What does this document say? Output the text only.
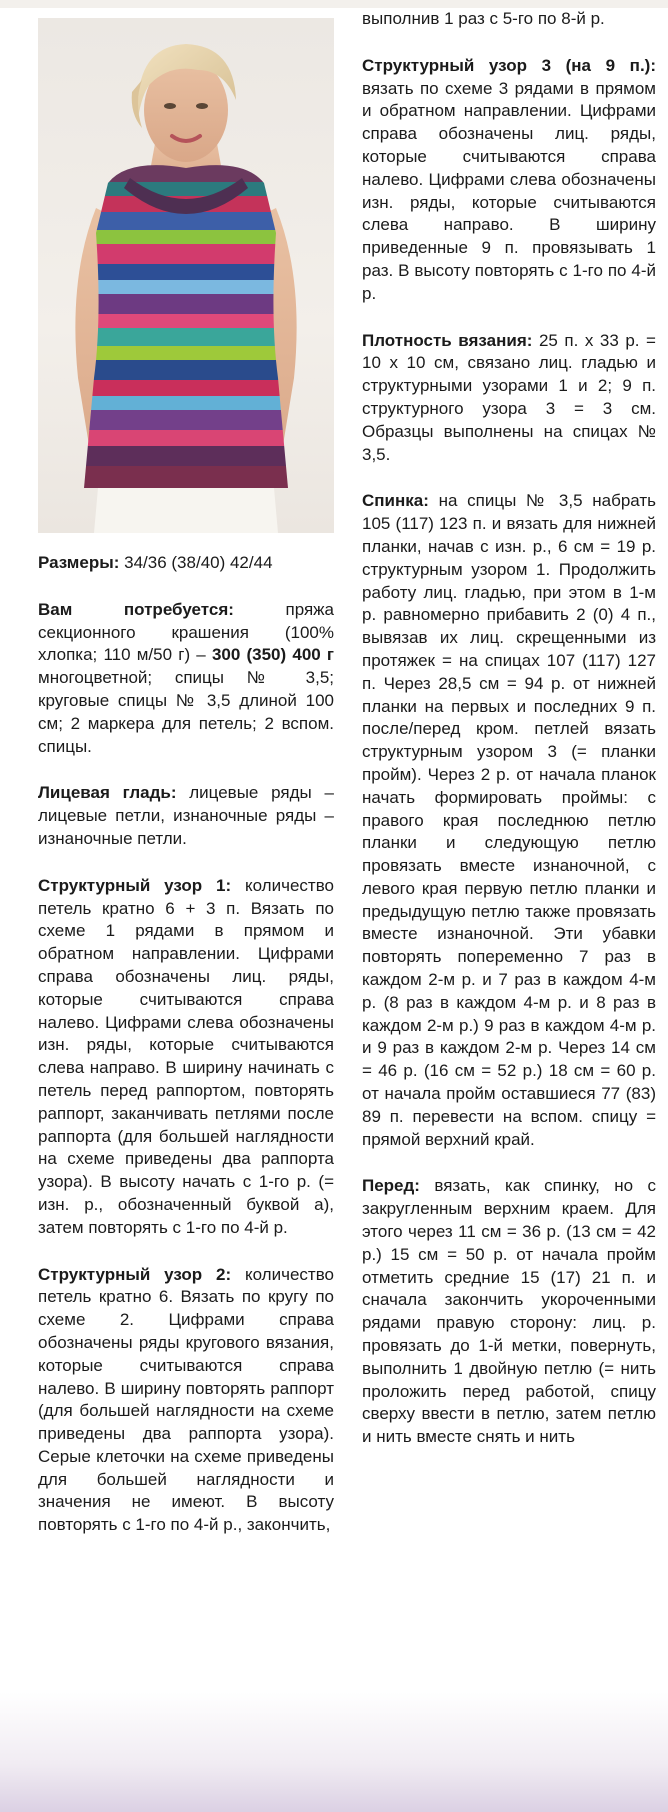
Размеры: 34/36 (38/40) 42/44

Вам потребуется: пряжа секционного крашения (100% хлопка; 110 м/50 г) – 300 (350) 400 г многоцветной; спицы № 3,5; круговые спицы № 3,5 длиной 100 см; 2 маркера для петель; 2 вспом. спицы.

Лицевая гладь: лицевые ряды – лицевые петли, изнаночные ряды – изнаночные петли.

Структурный узор 1: количество петель кратно 6 + 3 п. Вязать по схеме 1 рядами в прямом и обратном направлении. Цифрами справа обозначены лиц. ряды, которые считываются справа налево. Цифрами слева обозначены изн. ряды, которые считываются слева направо. В ширину начинать с петель перед раппортом, повторять раппорт, заканчивать петлями после раппорта (для большей наглядности на схеме приведены два раппорта узора). В высоту начать с 1-го р. (= изн. р., обозначенный буквой а), затем повторять с 1-го по 4-й р.

Структурный узор 2: количество петель кратно 6. Вязать по кругу по схеме 2. Цифрами справа обозначены ряды кругового вязания, которые считываются справа налево. В ширину повторять раппорт (для большей наглядности на схеме приведены два раппорта узора). Серые клеточки на схеме приведены для большей наглядности и значения не имеют. В высоту повторять с 1-го по 4-й р., закончить,

выполнив 1 раз с 5-го по 8-й р.

Структурный узор 3 (на 9 п.): вязать по схеме 3 рядами в прямом и обратном направлении. Цифрами справа обозначены лиц. ряды, которые считываются справа налево. Цифрами слева обозначены изн. ряды, которые считываются слева направо. В ширину приведенные 9 п. провязывать 1 раз. В высоту повторять с 1-го по 4-й р.

Плотность вязания: 25 п. х 33 р. = 10 х 10 см, связано лиц. гладью и структурными узорами 1 и 2; 9 п. структурного узора 3 = 3 см. Образцы выполнены на спицах № 3,5.

Спинка: на спицы № 3,5 набрать 105 (117) 123 п. и вязать для нижней планки, начав с изн. р., 6 см = 19 р. структурным узором 1. Продолжить работу лиц. гладью, при этом в 1-м р. равномерно прибавить 2 (0) 4 п., вывязав их лиц. скрещенными из протяжек = на спицах 107 (117) 127 п. Через 28,5 см = 94 р. от нижней планки на первых и последних 9 п. после/перед кром. петлей вязать структурным узором 3 (= планки пройм). Через 2 р. от начала планок начать формировать проймы: с правого края последнюю петлю планки и следующую петлю провязать вместе изнаночной, с левого края первую петлю планки и предыдущую петлю также провязать вместе изнаночной. Эти убавки повторять попеременно 7 раз в каждом 2-м р. и 7 раз в каждом 4-м р. (8 раз в каждом 4-м р. и 8 раз в каждом 2-м р.) 9 раз в каждом 4-м р. и 9 раз в каждом 2-м р. Через 14 см = 46 р. (16 см = 52 р.) 18 см = 60 р. от начала пройм оставшиеся 77 (83) 89 п. перевести на вспом. спицу = прямой верхний край.

Перед: вязать, как спинку, но с закругленным верхним краем. Для этого через 11 см = 36 р. (13 см = 42 р.) 15 см = 50 р. от начала пройм отметить средние 15 (17) 21 п. и сначала закончить укороченными рядами правую сторону: лиц. р. провязать до 1-й метки, повернуть, выполнить 1 двойную петлю (= нить проложить перед работой, спицу сверху ввести в петлю, затем петлю и нить вместе снять и нить
